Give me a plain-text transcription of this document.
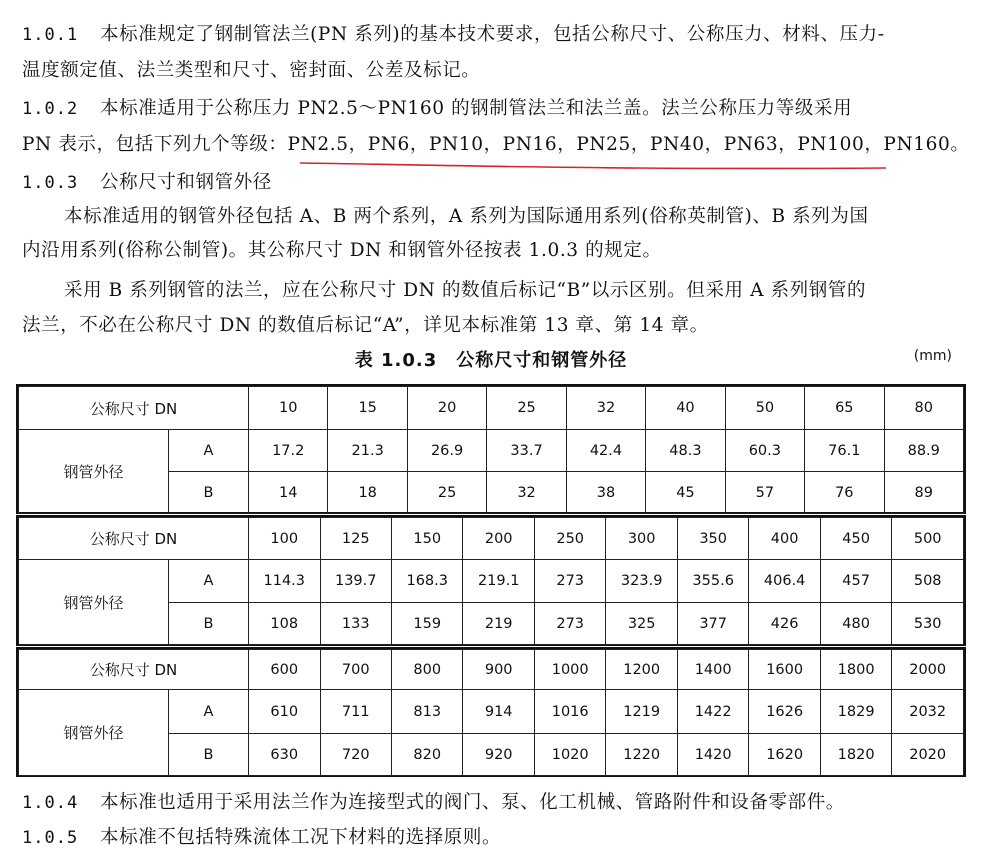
1.0.1 本标准规定了钢制管法兰(PN 系列)的基本技术要求，包括公称尺寸、公称压力、材料、压力-
温度额定值、法兰类型和尺寸、密封面、公差及标记。
1.0.2 本标准适用于公称压力 PN2.5～PN160 的钢制管法兰和法兰盖。法兰公称压力等级采用
PN 表示，包括下列九个等级：PN2.5，PN6，PN10，PN16，PN25，PN40，PN63，PN100，PN160。
1.0.3 公称尺寸和钢管外径
本标准适用的钢管外径包括 A、B 两个系列，A 系列为国际通用系列(俗称英制管)、B 系列为国
内沿用系列(俗称公制管)。其公称尺寸 DN 和钢管外径按表 1.0.3 的规定。
采用 B 系列钢管的法兰，应在公称尺寸 DN 的数值后标记“B”以示区别。但采用 A 系列钢管的
法兰，不必在公称尺寸 DN 的数值后标记“A”，详见本标准第 13 章、第 14 章。
表 1.0.3　公称尺寸和钢管外径	(mm)
公称尺寸 DN		10	15	20	25	32	40	50	65	80
钢管外径	A	17.2	21.3	26.9	33.7	42.4	48.3	60.3	76.1	88.9
	B	14	18	25	32	38	45	57	76	89
公称尺寸 DN		100	125	150	200	250	300	350	400	450	500
钢管外径	A	114.3	139.7	168.3	219.1	273	323.9	355.6	406.4	457	508
	B	108	133	159	219	273	325	377	426	480	530
公称尺寸 DN		600	700	800	900	1000	1200	1400	1600	1800	2000
钢管外径	A	610	711	813	914	1016	1219	1422	1626	1829	2032
	B	630	720	820	920	1020	1220	1420	1620	1820	2020
1.0.4 本标准也适用于采用法兰作为连接型式的阀门、泵、化工机械、管路附件和设备零部件。
1.0.5 本标准不包括特殊流体工况下材料的选择原则。
